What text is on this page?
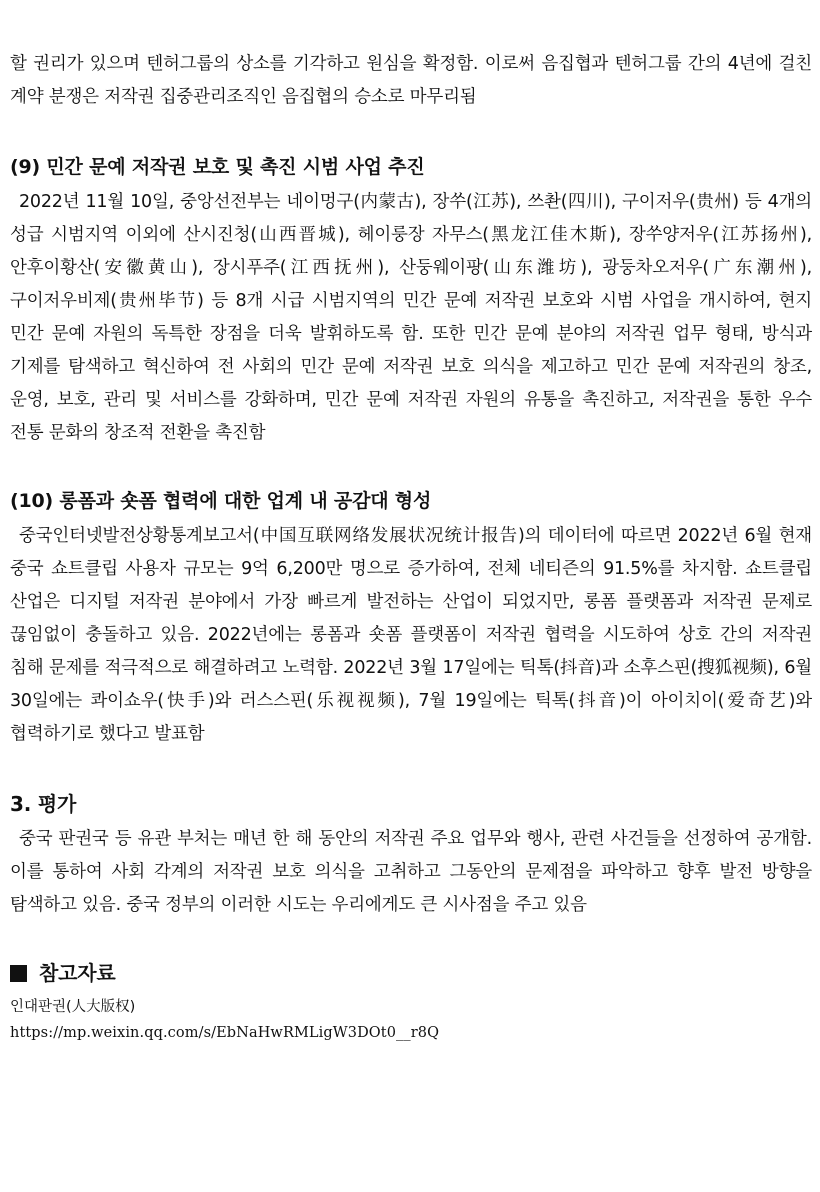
할 권리가 있으며 텐허그룹의 상소를 기각하고 원심을 확정함. 이로써 음집협과 텐허그룹 간의 4년에 걸친 계약 분쟁은 저작권 집중관리조직인 음집협의 승소로 마무리됨

(9) 민간 문예 저작권 보호 및 촉진 시범 사업 추진

2022년 11월 10일, 중앙선전부는 네이멍구(内蒙古), 장쑤(江苏), 쓰촨(四川), 구이저우(贵州) 등 4개의 성급 시범지역 이외에 산시진청(山西晋城), 헤이룽장 자무스(黑龙江佳木斯), 장쑤양저우(江苏扬州), 안후이황산(安徽黄山), 장시푸주(江西抚州), 산둥웨이팡(山东潍坊), 광둥차오저우(广东潮州), 구이저우비제(贵州毕节) 등 8개 시급 시범지역의 민간 문예 저작권 보호와 시범 사업을 개시하여, 현지 민간 문예 자원의 독특한 장점을 더욱 발휘하도록 함. 또한 민간 문예 분야의 저작권 업무 형태, 방식과 기제를 탐색하고 혁신하여 전 사회의 민간 문예 저작권 보호 의식을 제고하고 민간 문예 저작권의 창조, 운영, 보호, 관리 및 서비스를 강화하며, 민간 문예 저작권 자원의 유통을 촉진하고, 저작권을 통한 우수 전통 문화의 창조적 전환을 촉진함

(10) 롱폼과 숏폼 협력에 대한 업계 내 공감대 형성

중국인터넷발전상황통계보고서(中国互联网络发展状况统计报告)의 데이터에 따르면 2022년 6월 현재 중국 쇼트클립 사용자 규모는 9억 6,200만 명으로 증가하여, 전체 네티즌의 91.5%를 차지함. 쇼트클립 산업은 디지털 저작권 분야에서 가장 빠르게 발전하는 산업이 되었지만, 롱폼 플랫폼과 저작권 문제로 끊임없이 충돌하고 있음. 2022년에는 롱폼과 숏폼 플랫폼이 저작권 협력을 시도하여 상호 간의 저작권 침해 문제를 적극적으로 해결하려고 노력함. 2022년 3월 17일에는 틱톡(抖音)과 소후스핀(搜狐视频), 6월 30일에는 콰이쇼우(快手)와 러스스핀(乐视视频), 7월 19일에는 틱톡(抖音)이 아이치이(爱奇艺)와 협력하기로 했다고 발표함

3. 평가

중국 판권국 등 유관 부처는 매년 한 해 동안의 저작권 주요 업무와 행사, 관련 사건들을 선정하여 공개함. 이를 통하여 사회 각계의 저작권 보호 의식을 고취하고 그동안의 문제점을 파악하고 향후 발전 방향을 탐색하고 있음. 중국 정부의 이러한 시도는 우리에게도 큰 시사점을 주고 있음

참고자료

인대판권(人大版权)

https://mp.weixin.qq.com/s/EbNaHwRMLigW3DOt0__r8Q
